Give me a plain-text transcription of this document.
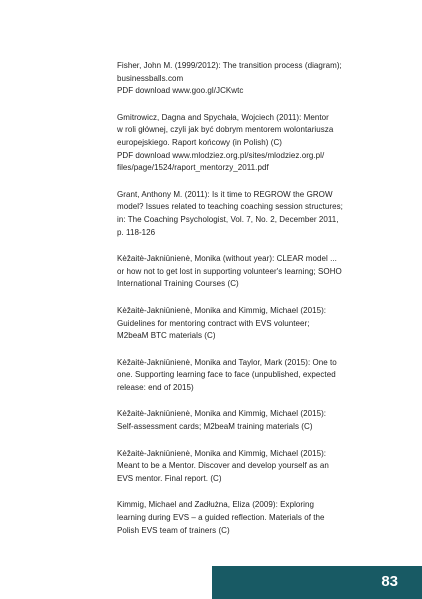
Fisher, John M. (1999/2012): The transition process (diagram);
businessballs.com
PDF download www.goo.gl/JCKwtc
Gmitrowicz, Dagna and Spychała, Wojciech (2011): Mentor
w roli głównej, czyli jak być dobrym mentorem wolontariusza
europejskiego. Raport końcowy (in Polish) (C)
PDF download www.mlodziez.org.pl/sites/mlodziez.org.pl/
files/page/1524/raport_mentorzy_2011.pdf
Grant, Anthony M. (2011): Is it time to REGROW the GROW
model? Issues related to teaching coaching session structures;
in: The Coaching Psychologist, Vol. 7, No. 2, December 2011,
p. 118-126
Kėžaitė-Jakniūnienė, Monika (without year): CLEAR model ...
or how not to get lost in supporting volunteer's learning; SOHO
International Training Courses (C)
Kėžaitė-Jakniūnienė, Monika and Kimmig, Michael (2015):
Guidelines for mentoring contract with EVS volunteer;
M2beaM BTC materials (C)
Kėžaitė-Jakniūnienė, Monika and Taylor, Mark (2015): One to
one. Supporting learning face to face (unpublished, expected
release: end of 2015)
Kėžaitė-Jakniūnienė, Monika and Kimmig, Michael (2015):
Self-assessment cards; M2beaM training materials (C)
Kėžaitė-Jakniūnienė, Monika and Kimmig, Michael (2015):
Meant to be a Mentor. Discover and develop yourself as an
EVS mentor. Final report. (C)
Kimmig, Michael and Zadłużna, Eliza (2009): Exploring
learning during EVS – a guided reflection. Materials of the
Polish EVS team of trainers (C)
83
